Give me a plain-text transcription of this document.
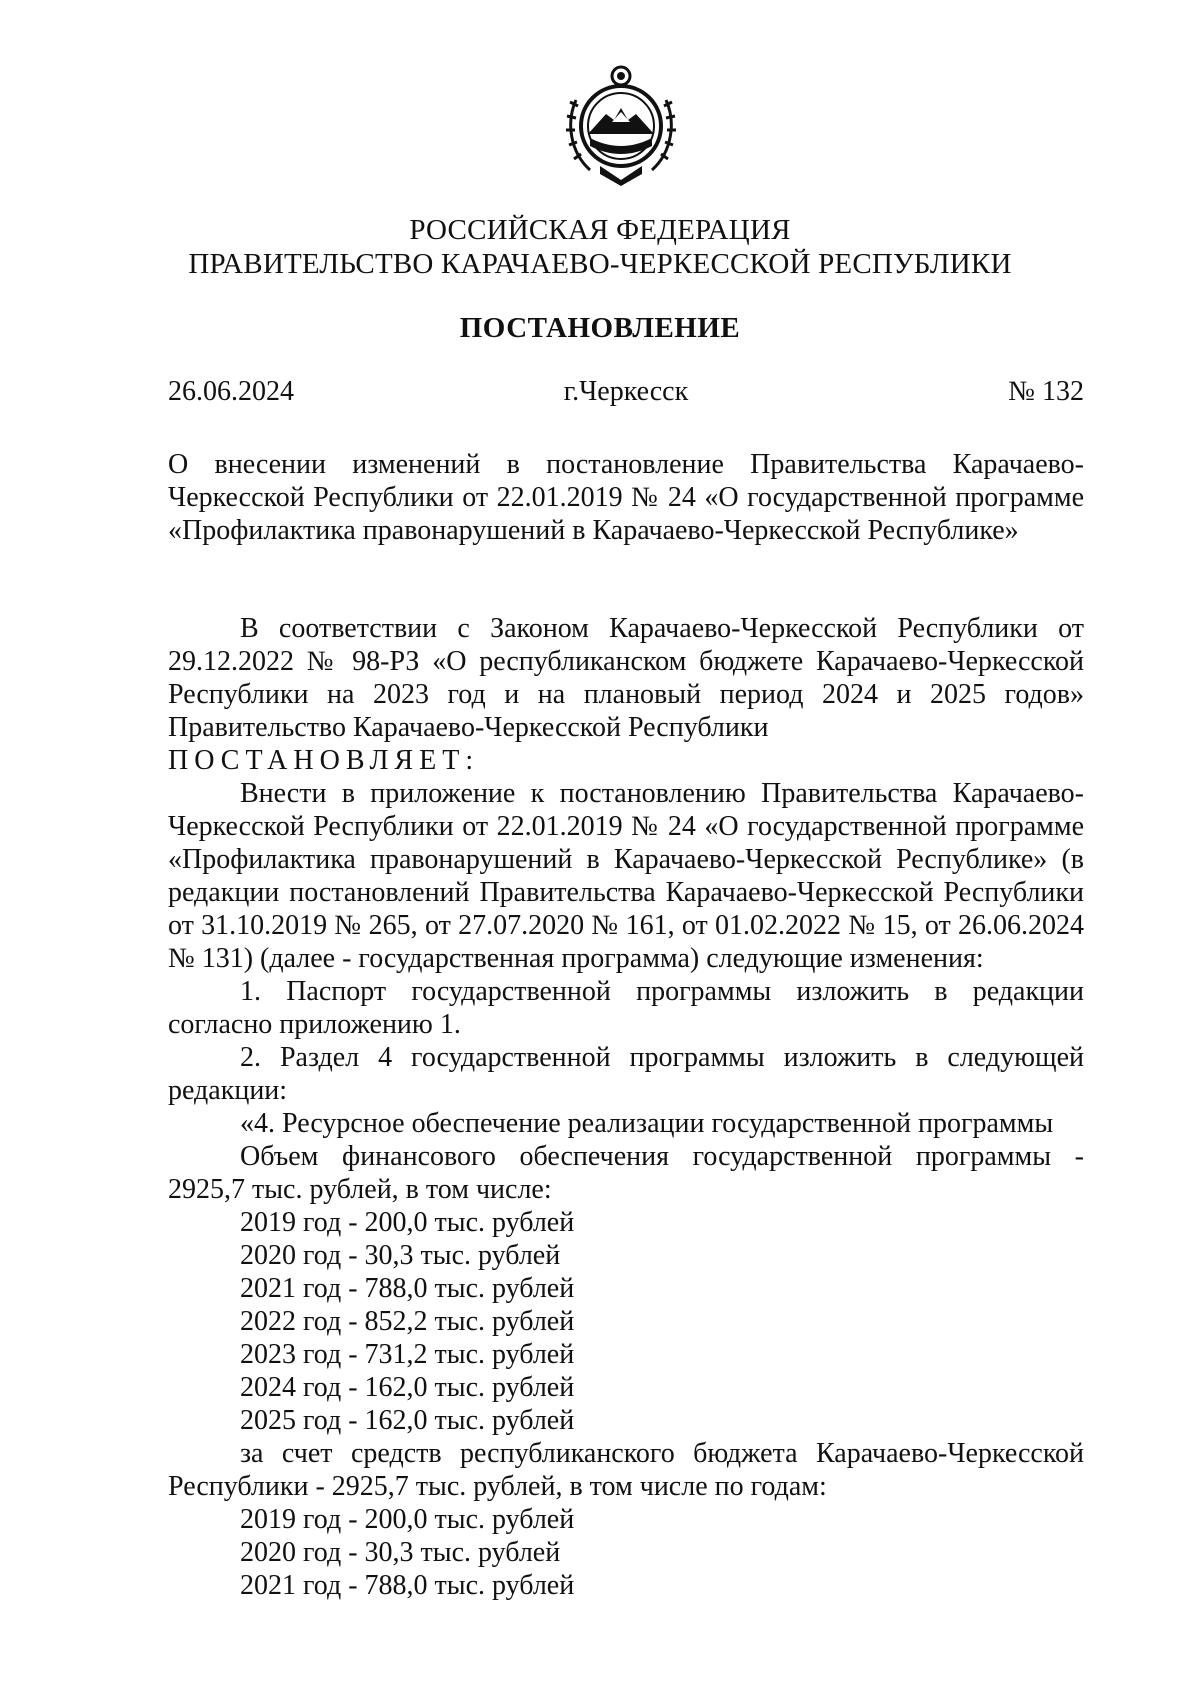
РОССИЙСКАЯ ФЕДЕРАЦИЯ
ПРАВИТЕЛЬСТВО КАРАЧАЕВО-ЧЕРКЕССКОЙ РЕСПУБЛИКИ
ПОСТАНОВЛЕНИЕ
26.06.2024	г.Черкесск	№ 132
О внесении изменений в постановление Правительства Карачаево-Черкесской Республики от 22.01.2019 № 24 «О государственной программе «Профилактика правонарушений в Карачаево-Черкесской Республике»

В соответствии с Законом Карачаево-Черкесской Республики от 29.12.2022 № 98-РЗ «О республиканском бюджете Карачаево-Черкесской Республики на 2023 год и на плановый период 2024 и 2025 годов» Правительство Карачаево-Черкесской Республики

ПОСТАНОВЛЯЕТ:

Внести в приложение к постановлению Правительства Карачаево-Черкесской Республики от 22.01.2019 № 24 «О государственной программе «Профилактика правонарушений в Карачаево-Черкесской Республике» (в редакции постановлений Правительства Карачаево-Черкесской Республики от 31.10.2019 № 265, от 27.07.2020 № 161, от 01.02.2022 № 15, от 26.06.2024 № 131) (далее - государственная программа) следующие изменения:

1. Паспорт государственной программы изложить в редакции согласно приложению 1.

2. Раздел 4 государственной программы изложить в следующей редакции:

«4. Ресурсное обеспечение реализации государственной программы

Объем финансового обеспечения государственной программы - 2925,7 тыс. рублей, в том числе:

2019 год - 200,0 тыс. рублей

2020 год - 30,3 тыс. рублей

2021 год - 788,0 тыс. рублей

2022 год - 852,2 тыс. рублей

2023 год - 731,2 тыс. рублей

2024 год - 162,0 тыс. рублей

2025 год - 162,0 тыс. рублей

за счет средств республиканского бюджета Карачаево-Черкесской Республики - 2925,7 тыс. рублей, в том числе по годам:

2019 год - 200,0 тыс. рублей

2020 год - 30,3 тыс. рублей

2021 год - 788,0 тыс. рублей
